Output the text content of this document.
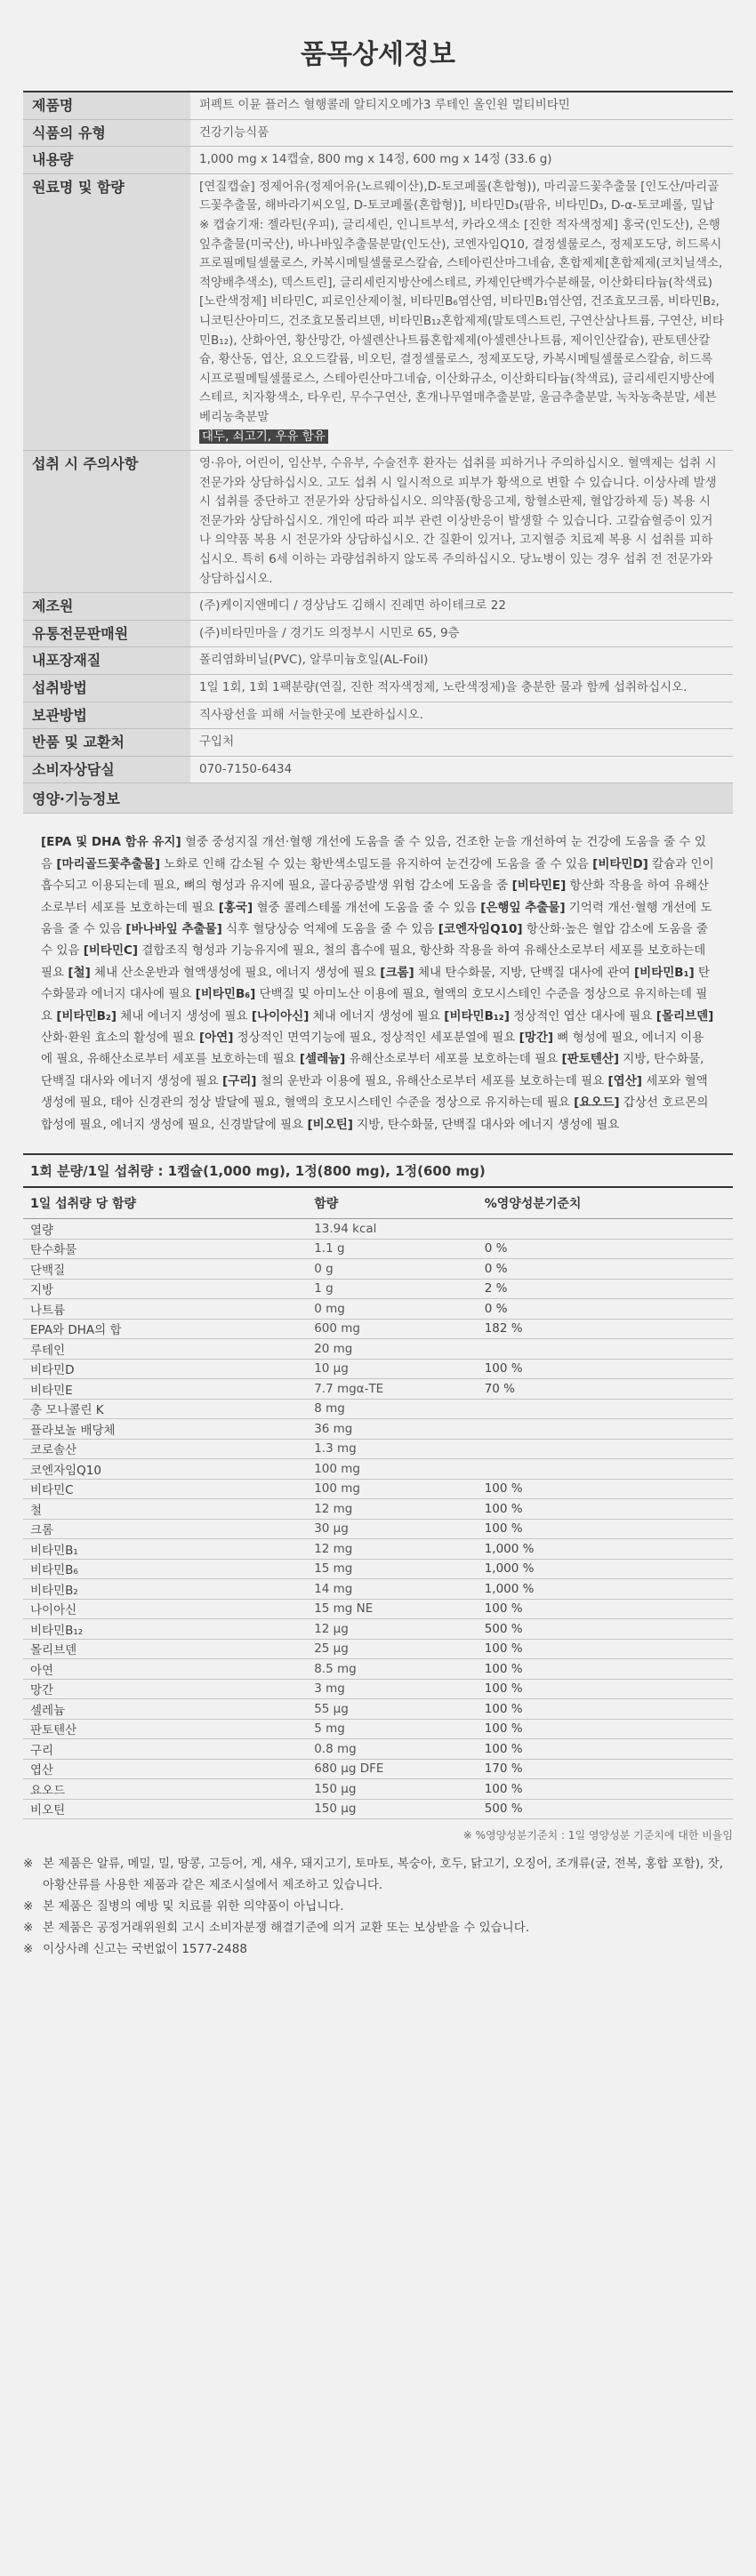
품목상세정보
제품명	퍼펙트 이뮨 플러스 혈행콜레 알티지오메가3 루테인 올인원 멀티비타민
식품의 유형	건강기능식품
내용량	1,000 mg x 14캡슐, 800 mg x 14정, 600 mg x 14정 (33.6 g)
원료명 및 함량	[연질캡슐] 정제어유(정제어유(노르웨이산),D-토코페롤(혼합형)), 마리골드꽃추출물 [인도산/마리골드꽃추출물, 해바라기씨오일, D-토코페롤(혼합형)], 비타민D₃(팜유, 비타민D₃, D-α-토코페롤, 밀납 ※ 캡슐기재: 젤라틴(우피), 글리세린, 인니트부석, 카라오색소 [진한 적자색정제] 홍국(인도산), 은행잎추출물(미국산), 바나바잎추출물분말(인도산), 코엔자임Q10, 결정셀룰로스, 정제포도당, 히드록시프로필메틸셀룰로스, 카복시메틸셀룰로스칼슘, 스테아린산마그네슘, 혼합제제[혼합제제(코치닐색소, 적양배추색소), 덱스트린], 글리세린지방산에스테르, 카제인단백가수분해물, 이산화티타늄(착색료) [노란색정제] 비타민C, 피로인산제이철, 비타민B₆염산염, 비타민B₁염산염, 건조효모크롬, 비타민B₂, 니코틴산아미드, 건조효모몰리브덴, 비타민B₁₂혼합제제(말토덱스트린, 구연산삼나트륨, 구연산, 비타민B₁₂), 산화아연, 황산망간, 아셀렌산나트륨혼합제제(아셀렌산나트륨, 제이인산칼슘), 판토텐산칼슘, 황산동, 엽산, 요오드칼륨, 비오틴, 결정셀룰로스, 정제포도당, 카복시메틸셀룰로스칼슘, 히드록시프로필메틸셀룰로스, 스테아린산마그네슘, 이산화규소, 이산화티타늄(착색료), 글리세린지방산에스테르, 치자황색소, 타우린, 무수구연산, 혼개나무열매추출분말, 울금추출분말, 녹차농축분말, 세븐베리농축분말
대두, 쇠고기, 우유 함유
섭취 시 주의사항	영·유아, 어린이, 임산부, 수유부, 수술전후 환자는 섭취를 피하거나 주의하십시오. 혈액제는 섭취 시 전문가와 상담하십시오. 고도 섭취 시 일시적으로 피부가 황색으로 변할 수 있습니다. 이상사례 발생 시 섭취를 중단하고 전문가와 상담하십시오. 의약품(항응고제, 항혈소판제, 혈압강하제 등) 복용 시 전문가와 상담하십시오. 개인에 따라 피부 관련 이상반응이 발생할 수 있습니다. 고칼슘혈증이 있거나 의약품 복용 시 전문가와 상담하십시오. 간 질환이 있거나, 고지혈증 치료제 복용 시 섭취를 피하십시오. 특히 6세 이하는 과량섭취하지 않도록 주의하십시오. 당뇨병이 있는 경우 섭취 전 전문가와 상담하십시오.
제조원	(주)케이지앤메디 / 경상남도 김해시 진례면 하이테크로 22
유통전문판매원	(주)비타민마을 / 경기도 의정부시 시민로 65, 9층
내포장재질	폴리염화비닐(PVC), 알루미늄호일(AL-Foil)
섭취방법	1일 1회, 1회 1팩분량(연질, 진한 적자색정제, 노란색정제)을 충분한 물과 함께 섭취하십시오.
보관방법	직사광선을 피해 서늘한곳에 보관하십시오.
반품 및 교환처	구입처
소비자상담실	070-7150-6434
영양·기능정보
[EPA 및 DHA 함유 유지] 혈중 중성지질 개선·혈행 개선에 도움을 줄 수 있음, 건조한 눈을 개선하여 눈 건강에 도움을 줄 수 있음 [마리골드꽃추출물] 노화로 인해 감소될 수 있는 황반색소밀도를 유지하여 눈건강에 도움을 줄 수 있음 [비타민D] 칼슘과 인이 흡수되고 이용되는데 필요, 뼈의 형성과 유지에 필요, 골다공증발생 위험 감소에 도움을 줌 [비타민E] 항산화 작용을 하여 유해산소로부터 세포를 보호하는데 필요 [홍국] 혈중 콜레스테롤 개선에 도움을 줄 수 있음 [은행잎 추출물] 기억력 개선·혈행 개선에 도움을 줄 수 있음 [바나바잎 추출물] 식후 혈당상승 억제에 도움을 줄 수 있음 [코엔자임Q10] 항산화·높은 혈압 감소에 도움을 줄 수 있음 [비타민C] 결합조직 형성과 기능유지에 필요, 철의 흡수에 필요, 항산화 작용을 하여 유해산소로부터 세포를 보호하는데 필요 [철] 체내 산소운반과 혈액생성에 필요, 에너지 생성에 필요 [크롬] 체내 탄수화물, 지방, 단백질 대사에 관여 [비타민B₁] 탄수화물과 에너지 대사에 필요 [비타민B₆] 단백질 및 아미노산 이용에 필요, 혈액의 호모시스테인 수준을 정상으로 유지하는데 필요 [비타민B₂] 체내 에너지 생성에 필요 [나이아신] 체내 에너지 생성에 필요 [비타민B₁₂] 정상적인 엽산 대사에 필요 [몰리브덴] 산화·환원 효소의 활성에 필요 [아연] 정상적인 면역기능에 필요, 정상적인 세포분열에 필요 [망간] 뼈 형성에 필요, 에너지 이용에 필요, 유해산소로부터 세포를 보호하는데 필요 [셀레늄] 유해산소로부터 세포를 보호하는데 필요 [판토텐산] 지방, 탄수화물, 단백질 대사와 에너지 생성에 필요 [구리] 철의 운반과 이용에 필요, 유해산소로부터 세포를 보호하는데 필요 [엽산] 세포와 혈액생성에 필요, 태아 신경관의 정상 발달에 필요, 혈액의 호모시스테인 수준을 정상으로 유지하는데 필요 [요오드] 갑상선 호르몬의 합성에 필요, 에너지 생성에 필요, 신경발달에 필요 [비오틴] 지방, 탄수화물, 단백질 대사와 에너지 생성에 필요
1회 분량/1일 섭취량 : 1캡슐(1,000 mg), 1정(800 mg), 1정(600 mg)
1일 섭취량 당 함량	함량	%영양성분기준치
열량	13.94 kcal	
탄수화물	1.1 g	0 %
단백질	0 g	0 %
지방	1 g	2 %
나트륨	0 mg	0 %
EPA와 DHA의 합	600 mg	182 %
루테인	20 mg	
비타민D	10 μg	100 %
비타민E	7.7 mgα-TE	70 %
총 모나콜린 K	8 mg	
플라보놀 배당체	36 mg	
코로솔산	1.3 mg	
코엔자임Q10	100 mg	
비타민C	100 mg	100 %
철	12 mg	100 %
크롬	30 μg	100 %
비타민B₁	12 mg	1,000 %
비타민B₆	15 mg	1,000 %
비타민B₂	14 mg	1,000 %
나이아신	15 mg NE	100 %
비타민B₁₂	12 μg	500 %
몰리브덴	25 μg	100 %
아연	8.5 mg	100 %
망간	3 mg	100 %
셀레늄	55 μg	100 %
판토텐산	5 mg	100 %
구리	0.8 mg	100 %
엽산	680 μg DFE	170 %
요오드	150 μg	100 %
비오틴	150 μg	500 %
※ %영양성분기준치 : 1일 영양성분 기준치에 대한 비율임
※ 본 제품은 알류, 메밀, 밀, 땅콩, 고등어, 게, 새우, 돼지고기, 토마토, 복숭아, 호두, 닭고기, 오징어, 조개류(굴, 전복, 홍합 포함), 잣, 아황산류를 사용한 제품과 같은 제조시설에서 제조하고 있습니다.
※ 본 제품은 질병의 예방 및 치료를 위한 의약품이 아닙니다.
※ 본 제품은 공정거래위원회 고시 소비자분쟁 해결기준에 의거 교환 또는 보상받을 수 있습니다.
※ 이상사례 신고는 국번없이 1577-2488
